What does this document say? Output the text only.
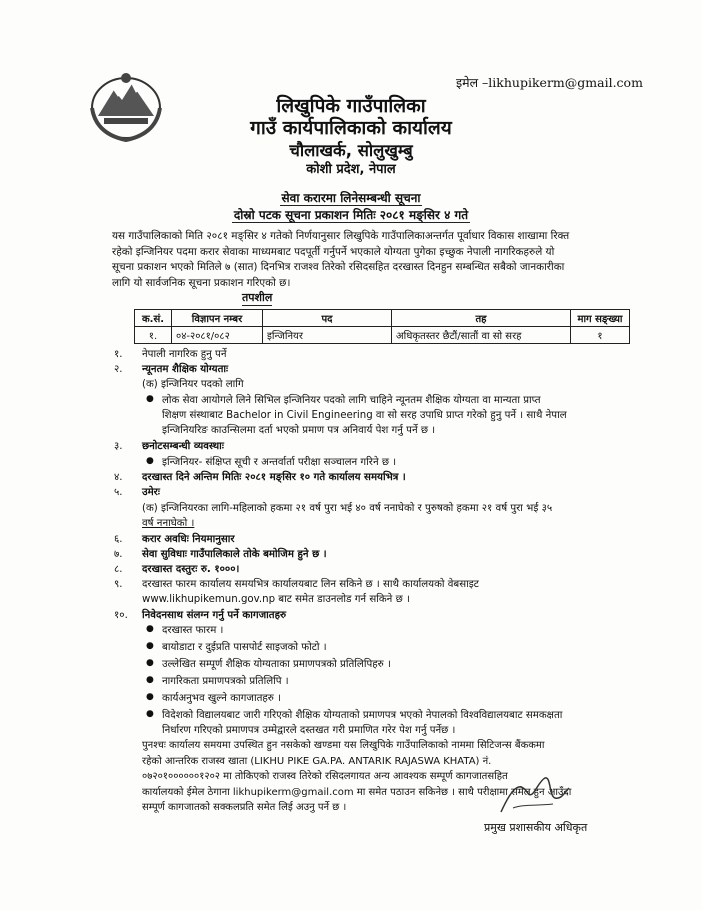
इमेल –likhupikerm@gmail.com
लिखुपिके गाउँपालिका
गाउँ कार्यपालिकाको कार्यालय
चौलाखर्क, सोलुखुम्बु
कोशी प्रदेश, नेपाल
सेवा करारमा लिनेसम्बन्धी सूचना
दोस्रो पटक सूचना प्रकाशन मितिः २०८१ मङ्सिर ४ गते
यस गाउँपालिकाको मिति २०८१ मङ्सिर ४ गतेको निर्णयानुसार लिखुपिके गाउँपालिकाअन्तर्गत पूर्वाधार विकास शाखामा रिक्त
रहेको इन्जिनियर पदमा करार सेवाका माध्यमबाट पदपूर्ती गर्नुपर्ने भएकाले योग्यता पुगेका इच्छुक नेपाली नागरिकहरुले यो
सूचना प्रकाशन भएको मितिले ७ (सात) दिनभित्र राजश्व तिरेको रसिदसहित दरखास्त दिनहुन सम्बन्धित सबैको जानकारीका
लागि यो सार्वजनिक सूचना प्रकाशन गरिएको छ।
तपशील
क.सं.	विज्ञापन नम्बर	पद	तह	माग सङ्ख्या
१.	०४-२०८१/०८२	इन्जिनियर	अधिकृतस्तर छैटौं/सातौं वा सो सरह	१
१. नेपाली नागरिक हुनु पर्ने
२. न्यूनतम शैक्षिक योग्यताः
(क) इन्जिनियर पदको लागि
● लोक सेवा आयोगले लिने सिभिल इन्जिनियर पदको लागि चाहिने न्यूनतम शैक्षिक योग्यता वा मान्यता प्राप्त
शिक्षण संस्थाबाट Bachelor in Civil Engineering वा सो सरह उपाधि प्राप्त गरेको हुनु पर्ने । साथै नेपाल
इन्जिनियरिङ काउन्सिलमा दर्ता भएको प्रमाण पत्र अनिवार्य पेश गर्नु पर्ने छ ।
३. छनोटसम्बन्धी व्यवस्थाः
● इन्जिनियर- संक्षिप्त सूची र अन्तर्वार्ता परीक्षा सञ्चालन गरिने छ ।
४. दरखास्त दिने अन्तिम मितिः २०८१ मङ्सिर १० गते कार्यालय समयभित्र ।
५. उमेरः
(क) इन्जिनियरका लागि-महिलाको हकमा २१ वर्ष पुरा भई ४० वर्ष ननाघेको र पुरुषको हकमा २१ वर्ष पुरा भई ३५
वर्ष ननाघेको ।
६. करार अवधिः नियमानुसार
७. सेवा सुविधाः गाउँपालिकाले तोके बमोजिम हुने छ ।
८. दरखास्त दस्तुरः रु. १०००।
९. दरखास्त फारम कार्यालय समयभित्र कार्यालयबाट लिन सकिने छ । साथै कार्यालयको वेबसाइट
www.likhupikemun.gov.np बाट समेत डाउनलोड गर्न सकिने छ ।
१०. निवेदनसाथ संलग्न गर्नु पर्ने कागजातहरु
● दरखास्त फारम ।
● बायोडाटा र दुईप्रति पासपोर्ट साइजको फोटो ।
● उल्लेखित सम्पूर्ण शैक्षिक योग्यताका प्रमाणपत्रको प्रतिलिपिहरु ।
● नागरिकता प्रमाणपत्रको प्रतिलिपि ।
● कार्यअनुभव खुल्ने कागजातहरु ।
● विदेशको विद्यालयबाट जारी गरिएको शैक्षिक योग्यताको प्रमाणपत्र भएको नेपालको विश्वविद्यालयबाट समकक्षता
निर्धारण गरिएको प्रमाणपत्र उम्मेद्वारले दस्तखत गरी प्रमाणित गरेर पेश गर्नु पर्नेछ ।
पुनश्चः कार्यालय समयमा उपस्थित हुन नसकेको खण्डमा यस लिखुपिके गाउँपालिकाको नाममा सिटिजन्स बैंककमा
रहेको आन्तरिक राजस्व खाता (LIKHU PIKE GA.PA. ANTARIK RAJASWA KHATA) नं.
०७२०१००००००१२०२ मा तोकिएको राजस्व तिरेको रसिदलगायत अन्य आवश्यक सम्पूर्ण कागजातसहित
कार्यालयको ईमेल ठेगाना likhupikerm@gmail.com मा समेत पठाउन सकिनेछ । साथै परीक्षामा समेल हुन आउँदा
सम्पूर्ण कागजातको सक्कलप्रति समेत लिई अउनु पर्ने छ ।
प्रमुख प्रशासकीय अधिकृत
